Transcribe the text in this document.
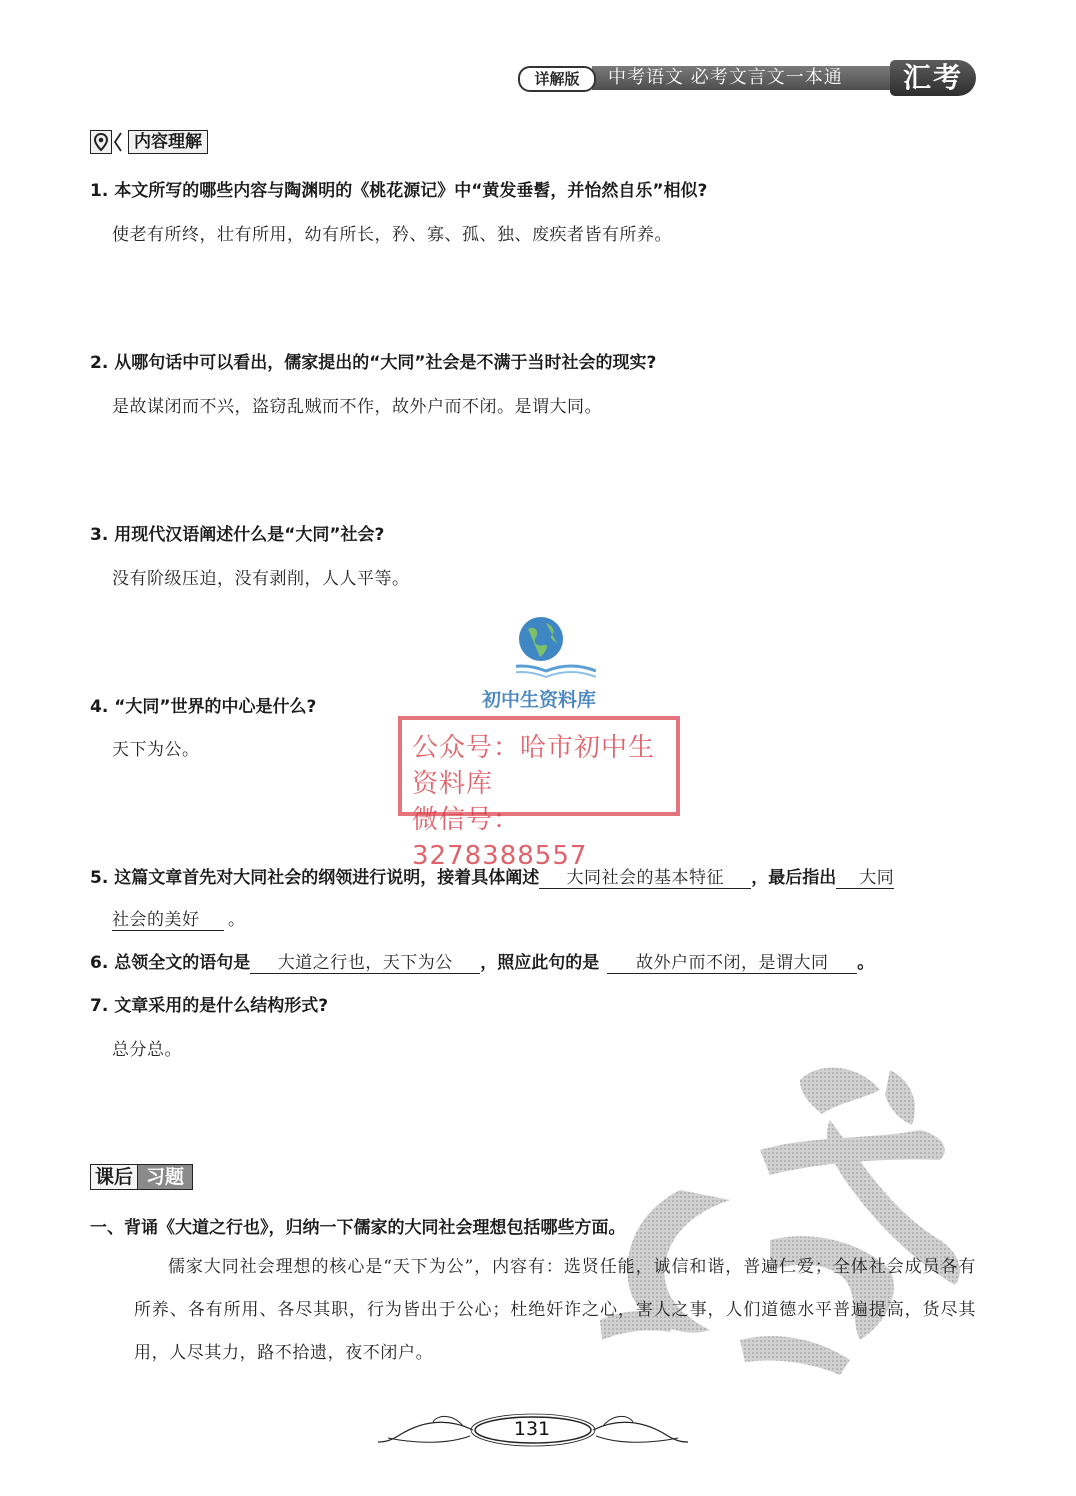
中考语文 必考文言文一本通
详解版	汇考
内容理解
1. 本文所写的哪些内容与陶渊明的《桃花源记》中“黄发垂髫，并怡然自乐”相似?
使老有所终，壮有所用，幼有所长，矜、寡、孤、独、废疾者皆有所养。
2. 从哪句话中可以看出，儒家提出的“大同”社会是不满于当时社会的现实?
是故谋闭而不兴，盗窃乱贼而不作，故外户而不闭。是谓大同。
3. 用现代汉语阐述什么是“大同”社会?
没有阶级压迫，没有剥削，人人平等。
4. “大同”世界的中心是什么?
天下为公。
初中生资料库
公众号：哈市初中生资料库
微信号：3278388557
5. 这篇文章首先对大同社会的纲领进行说明，接着具体阐述 大同社会的基本特征 ，最后指出 大同
社会的美好 。
6. 总领全文的语句是 大道之行也，天下为公 ，照应此句的是 故外户而不闭，是谓大同 。
7. 文章采用的是什么结构形式?
总分总。
课后 习题
一、背诵《大道之行也》，归纳一下儒家的大同社会理想包括哪些方面。
儒家大同社会理想的核心是“天下为公”，内容有：选贤任能，诚信和谐，普遍仁爱；全体社会成员各有所养、各有所用、各尽其职，行为皆出于公心；杜绝奸诈之心，害人之事，人们道德水平普遍提高，货尽其用，人尽其力，路不拾遗，夜不闭户。
131
